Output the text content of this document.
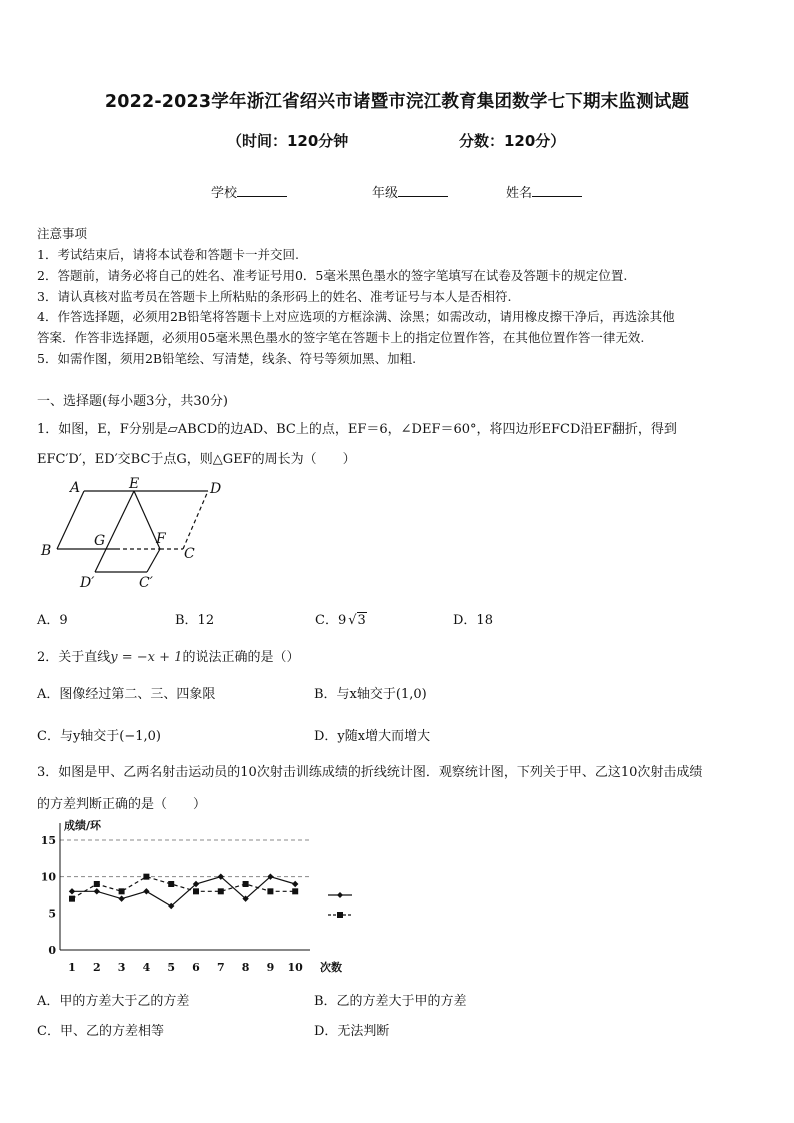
2022-2023学年浙江省绍兴市诸暨市浣江教育集团数学七下期末监测试题
（时间：120分钟	分数：120分）
学校	年级	姓名
注意事项
1．考试结束后，请将本试卷和答题卡一并交回.
2．答题前，请务必将自己的姓名、准考证号用0．5毫米黑色墨水的签字笔填写在试卷及答题卡的规定位置.
3．请认真核对监考员在答题卡上所粘贴的条形码上的姓名、准考证号与本人是否相符.
4．作答选择题，必须用2B铅笔将答题卡上对应选项的方框涂满、涂黑；如需改动，请用橡皮擦干净后，再选涂其他
答案．作答非选择题，必须用05毫米黑色墨水的签字笔在答题卡上的指定位置作答，在其他位置作答一律无效.
5．如需作图，须用2B铅笔绘、写清楚，线条、符号等须加黑、加粗.
一、选择题(每小题3分，共30分)
1．如图，E，F分别是▱ABCD的边AD、BC上的点，EF＝6，∠DEF＝60°，将四边形EFCD沿EF翻折，得到
EFC′D′，ED′交BC于点G，则△GEF的周长为（　　）
A	E	D
B
G	F
C
D′	C′
A．9	B．12	C．9 √3	D．18
2．关于直线y = −x + 1的说法正确的是（）
A．图像经过第二、三、四象限	B．与x轴交于(1,0)
C．与y轴交于(−1,0)	D．y随x增大而增大
3．如图是甲、乙两名射击运动员的10次射击训练成绩的折线统计图．观察统计图，下列关于甲、乙这10次射击成绩
的方差判断正确的是（　　）
0
5
10
15
1 2 3 4 5 6 7 8 9 10
成绩/环
次数
A．甲的方差大于乙的方差	B．乙的方差大于甲的方差
C．甲、乙的方差相等	D．无法判断
